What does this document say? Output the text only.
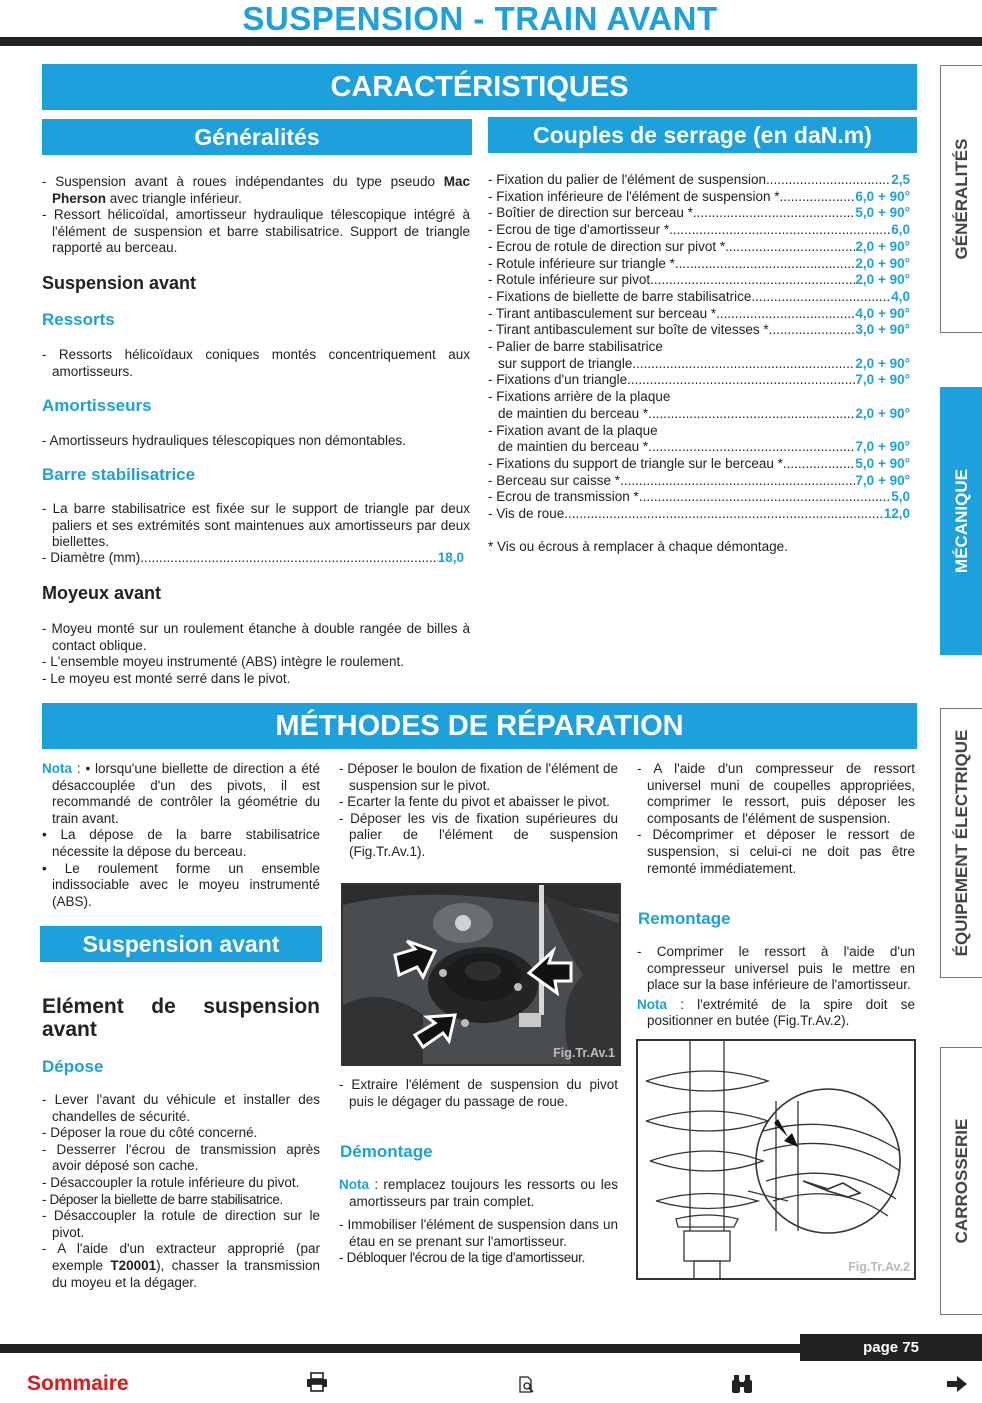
SUSPENSION - TRAIN AVANT
CARACTÉRISTIQUES
Généralités	Couples de serrage (en daN.m)

- Suspension avant à roues indépendantes du type pseudo Mac Pherson avec triangle inférieur.

- Ressort hélicoïdal, amortisseur hydraulique télescopique intégré à l'élément de suspension et barre stabilisatrice. Support de triangle rapporté au berceau.

Suspension avant
Ressorts

- Ressorts hélicoïdaux coniques montés concentriquement aux amortisseurs.

Amortisseurs

- Amortisseurs hydrauliques télescopiques non démontables.

Barre stabilisatrice

- La barre stabilisatrice est fixée sur le support de triangle par deux paliers et ses extrémités sont maintenues aux amortisseurs par deux biellettes.

- Diamètre (mm) .....	18,0
Moyeux avant

- Moyeu monté sur un roulement étanche à double rangée de billes à contact oblique.

- L'ensemble moyeu instrumenté (ABS) intègre le roulement.

- Le moyeu est monté serré dans le pivot.

- Fixation du palier de l'élément de suspension .....	2,5
- Fixation inférieure de l'élément de suspension * .....	6,0 + 90°
- Boîtier de direction sur berceau * .....	5,0 + 90°
- Ecrou de tige d'amortisseur * .....	6,0
- Ecrou de rotule de direction sur pivot * .....	2,0 + 90°
- Rotule inférieure sur triangle * .....	2,0 + 90°
- Rotule inférieure sur pivot .....	2,0 + 90°
- Fixations de biellette de barre stabilisatrice .....	4,0
- Tirant antibasculement sur berceau * .....	4,0 + 90°
- Tirant antibasculement sur boîte de vitesses * .....	3,0 + 90°
- Palier de barre stabilisatrice
sur support de triangle .....	2,0 + 90°
- Fixations d'un triangle .....	7,0 + 90°
- Fixations arrière de la plaque
de maintien du berceau * .....	2,0 + 90°
- Fixation avant de la plaque
de maintien du berceau * .....	7,0 + 90°
- Fixations du support de triangle sur le berceau * .....	5,0 + 90°
- Berceau sur caisse * .....	7,0 + 90°
- Ecrou de transmission * .....	5,0
- Vis de roue .....	12,0
* Vis ou écrous à remplacer à chaque démontage.
MÉTHODES DE RÉPARATION

Nota : • lorsqu'une biellette de direction a été désaccouplée d'un des pivots, il est recommandé de contrôler la géométrie du train avant.

• La dépose de la barre stabilisatrice nécessite la dépose du berceau.

• Le roulement forme un ensemble indissociable avec le moyeu instrumenté (ABS).

Suspension avant
Elément de suspension avant
Dépose

- Lever l'avant du véhicule et installer des chandelles de sécurité.

- Déposer la roue du côté concerné.

- Desserrer l'écrou de transmission après avoir déposé son cache.

- Désaccoupler la rotule inférieure du pivot.

- Déposer la biellette de barre stabilisatrice.

- Désaccoupler la rotule de direction sur le pivot.

- A l'aide d'un extracteur approprié (par exemple T20001), chasser la transmission du moyeu et la dégager.

- Déposer le boulon de fixation de l'élément de suspension sur le pivot.

- Ecarter la fente du pivot et abaisser le pivot.

- Déposer les vis de fixation supérieures du palier de l'élément de suspension (Fig.Tr.Av.1).

Fig.Tr.Av.1

- Extraire l'élément de suspension du pivot puis le dégager du passage de roue.

Démontage

Nota : remplacez toujours les ressorts ou les amortisseurs par train complet.

- Immobiliser l'élément de suspension dans un étau en se prenant sur l'amortisseur.

- Débloquer l'écrou de la tige d'amortisseur.

- A l'aide d'un compresseur de ressort universel muni de coupelles appropriées, comprimer le ressort, puis déposer les composants de l'élément de suspension.

- Décomprimer et déposer le ressort de suspension, si celui-ci ne doit pas être remonté immédiatement.

Remontage

- Comprimer le ressort à l'aide d'un compresseur universel puis le mettre en place sur la base inférieure de l'amortisseur.

Nota : l'extrémité de la spire doit se positionner en butée (Fig.Tr.Av.2).

Fig.Tr.Av.2
GÉNÉRALITÉS
MÉCANIQUE
ÉQUIPEMENT ÉLECTRIQUE
CARROSSERIE
page 75
Sommaire
